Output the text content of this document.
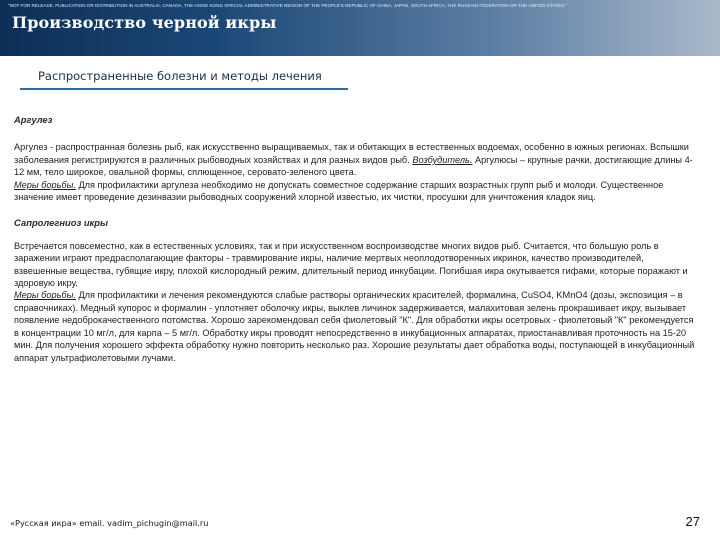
"NOT FOR RELEASE, PUBLICATION OR DISTRIBUTION IN AUSTRALIA, CANADA, THE HONG KONG SPECIAL ADMINISTRATIVE REGION OF THE PEOPLE'S REPUBLIC OF CHINA, JAPAN, SOUTH AFRICA, THE RUSSIAN FEDERATION OR THE UNITED STATES."
Производство черной икры
Распространенные болезни и методы лечения
Аргулез
Аргулез - распространная болезнь рыб, как искусственно выращиваемых, так и обитающих в естественных водоемах, особенно в южных регионах. Вспышки заболевания регистрируются в различных рыбоводных хозяйствах и для разных видов рыб. Возбудитель. Аргулюсы – крупные рачки, достигающие длины 4-12 мм, тело широкое, овальной формы, сплющенное, серовато-зеленого цвета.
Меры борьбы. Для профилактики аргулеза необходимо не допускать совместное содержание старших возрастных групп рыб и молоди. Существенное значение имеет проведение дезинвазии рыбоводных сооружений хлорной известью, их чистки, просушки для уничтожения кладок яиц.
Сапролегниоз икры
Встречается повсеместно, как в естественных условиях, так и при искусственном воспроизводстве многих видов рыб. Считается, что большую роль в заражении играют предрасполагающие факторы - травмирование икры, наличие мертвых неоплодотворенных икринок, качество производителей, взвешенные вещества, губящие икру, плохой кислородный режим, длительный период инкубации. Погибшая икра окутывается гифами, которые поражают и здоровую икру.
Меры борьбы. Для профилактики и лечения рекомендуются слабые растворы органических красителей, формалина, CuSO4, KMnO4 (дозы, экспозиция – в справочниках). Медный купорос и формалин - уплотняет оболочку икры, выклев личинок задерживается, малахитовая зелень прокрашивает икру, вызывает появление недоброкачественного потомства. Хорошо зарекомендовал себя фиолетовый "К". Для обработки икры осетровых - фиолетовый "К" рекомендуется в концентрации 10 мг/л, для карпа – 5 мг/л. Обработку икры проводят непосредственно в инкубационных аппаратах, приостанавливая проточность на 15-20 мин. Для получения хорошего эффекта обработку нужно повторить несколько раз. Хорошие результаты дает обработка воды, поступающей в инкубационный аппарат ультрафиолетовыми лучами.
«Русская икра» email. vadim_pichugin@mail.ru	27
